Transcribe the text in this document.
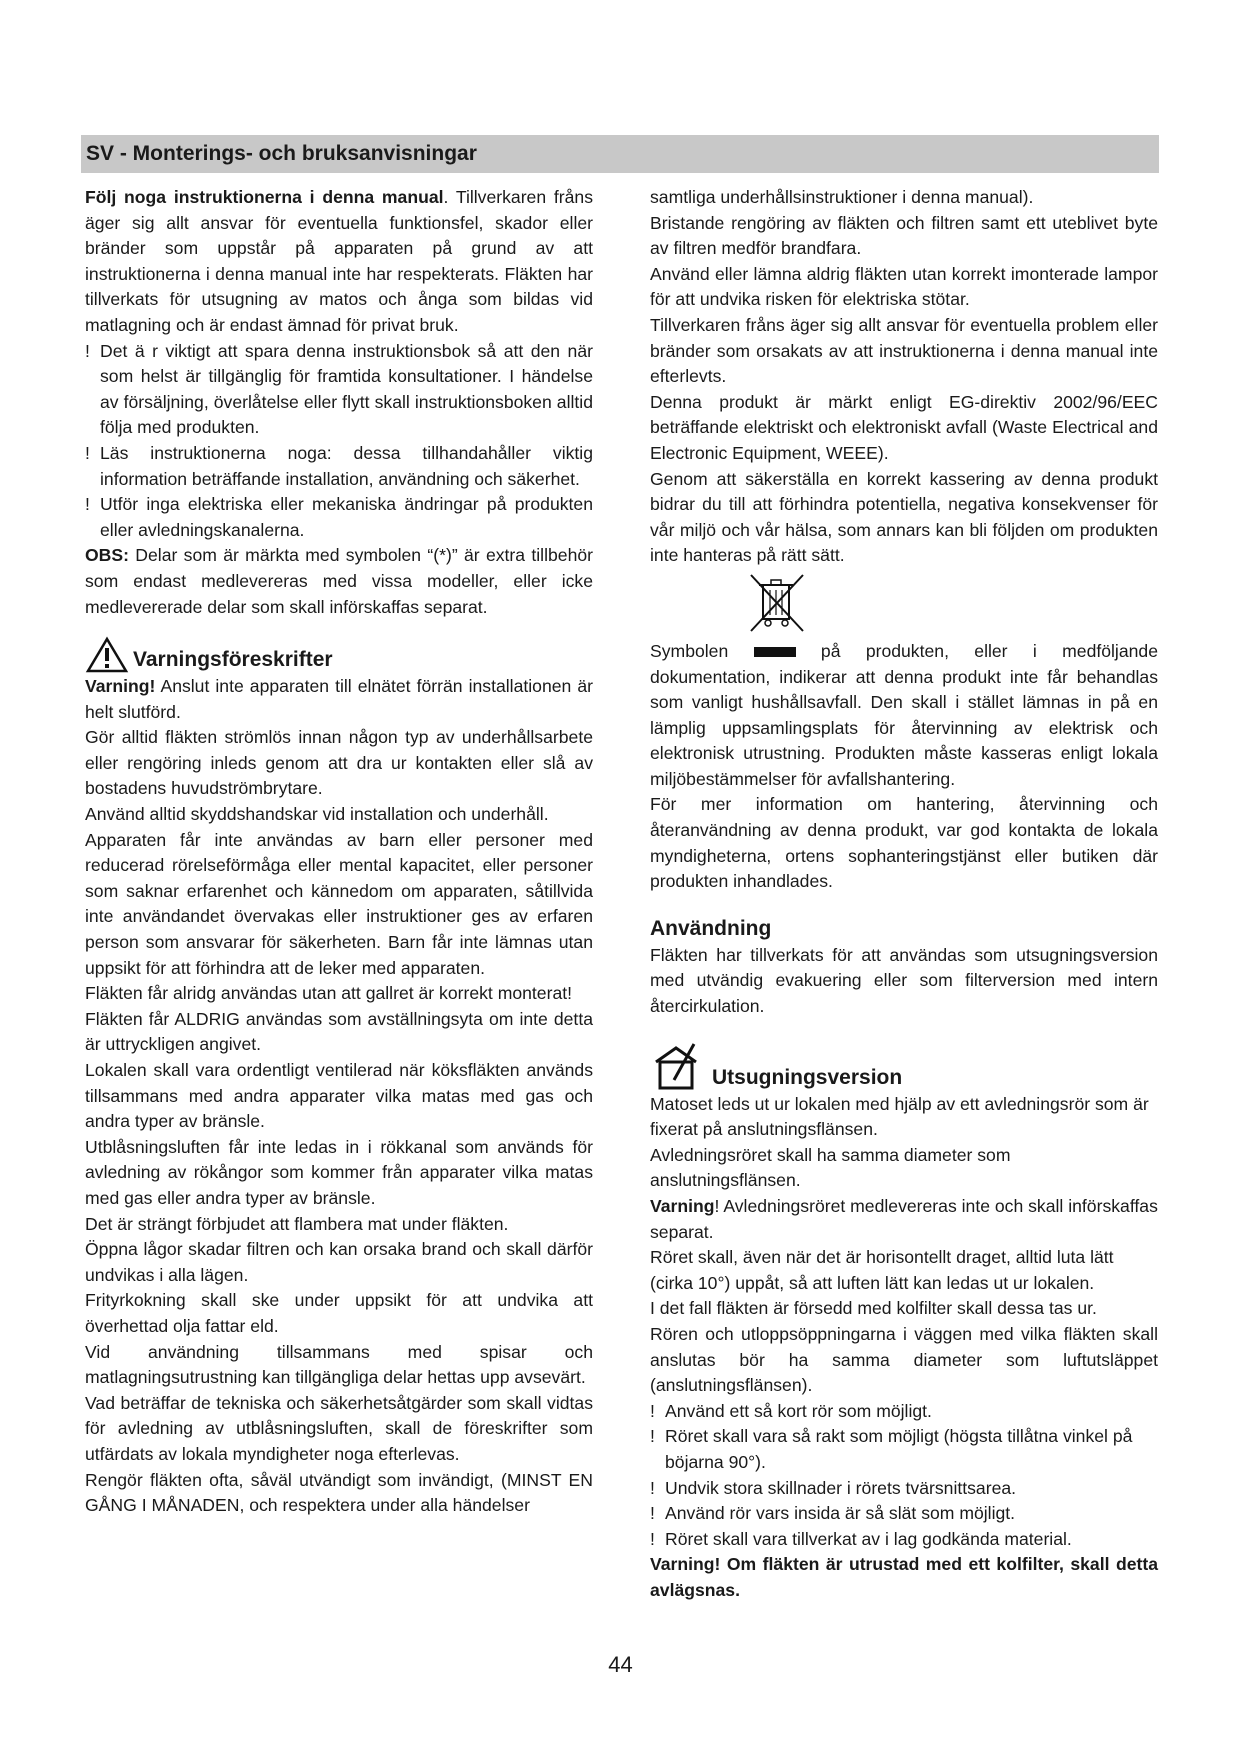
SV - Monterings- och bruksanvisningar

Följ noga instruktionerna i denna manual. Tillverkaren fråns äger sig allt ansvar för eventuella funktionsfel, skador eller bränder som uppstår på apparaten på grund av att instruktionerna i denna manual inte har respekterats. Fläkten har tillverkats för utsugning av matos och ånga som bildas vid matlagning och är endast ämnad för privat bruk.

! Det ä r viktigt att spara denna instruktionsbok så att den när som helst är tillgänglig för framtida konsultationer. I händelse av försäljning, överlåtelse eller flytt skall instruktionsboken alltid följa med produkten.
! Läs instruktionerna noga: dessa tillhandahåller viktig information beträffande installation, användning och säkerhet.
! Utför inga elektriska eller mekaniska ändringar på produkten eller avledningskanalerna.

OBS: Delar som är märkta med symbolen “(*)” är extra tillbehör som endast medlevereras med vissa modeller, eller icke medlevererade delar som skall införskaffas separat.

Varningsföreskrifter

Varning! Anslut inte apparaten till elnätet förrän installationen är helt slutförd.

Gör alltid fläkten strömlös innan någon typ av underhållsarbete eller rengöring inleds genom att dra ur kontakten eller slå av bostadens huvudströmbrytare.

Använd alltid skyddshandskar vid installation och underhåll.

Apparaten får inte användas av barn eller personer med reducerad rörelseförmåga eller mental kapacitet, eller personer som saknar erfarenhet och kännedom om apparaten, såtillvida inte användandet övervakas eller instruktioner ges av erfaren person som ansvarar för säkerheten. Barn får inte lämnas utan uppsikt för att förhindra att de leker med apparaten.

Fläkten får alridg användas utan att gallret är korrekt monterat!

Fläkten får ALDRIG användas som avställningsyta om inte detta är uttryckligen angivet.

Lokalen skall vara ordentligt ventilerad när köksfläkten används tillsammans med andra apparater vilka matas med gas och andra typer av bränsle.

Utblåsningsluften får inte ledas in i rökkanal som används för avledning av rökångor som kommer från apparater vilka matas med gas eller andra typer av bränsle.

Det är strängt förbjudet att flambera mat under fläkten.

Öppna lågor skadar filtren och kan orsaka brand och skall därför undvikas i alla lägen.

Frityrkokning skall ske under uppsikt för att undvika att överhettad olja fattar eld.

Vid användning tillsammans med spisar och matlagningsutrustning kan tillgängliga delar hettas upp avsevärt.

Vad beträffar de tekniska och säkerhetsåtgärder som skall vidtas för avledning av utblåsningsluften, skall de föreskrifter som utfärdats av lokala myndigheter noga efterlevas.

Rengör fläkten ofta, såväl utvändigt som invändigt, (MINST EN GÅNG I MÅNADEN, och respektera under alla händelser

samtliga underhållsinstruktioner i denna manual).

Bristande rengöring av fläkten och filtren samt ett uteblivet byte av filtren medför brandfara.

Använd eller lämna aldrig fläkten utan korrekt imonterade lampor för att undvika risken för elektriska stötar.

Tillverkaren fråns äger sig allt ansvar för eventuella problem eller bränder som orsakats av att instruktionerna i denna manual inte efterlevts.

Denna produkt är märkt enligt EG-direktiv 2002/96/EEC beträffande elektriskt och elektroniskt avfall (Waste Electrical and Electronic Equipment, WEEE).

Genom att säkerställa en korrekt kassering av denna produkt bidrar du till att förhindra potentiella, negativa konsekvenser för vår miljö och vår hälsa, som annars kan bli följden om produkten inte hanteras på rätt sätt.

Symbolen	på produkten, eller i medföljande

dokumentation, indikerar att denna produkt inte får behandlas som vanligt hushållsavfall. Den skall i stället lämnas in på en lämplig uppsamlingsplats för återvinning av elektrisk och elektronisk utrustning. Produkten måste kasseras enligt lokala miljöbestämmelser för avfallshantering.

För mer information om hantering, återvinning och återanvändning av denna produkt, var god kontakta de lokala myndigheterna, ortens sophanteringstjänst eller butiken där produkten inhandlades.

Användning

Fläkten har tillverkats för att användas som utsugningsversion med utvändig evakuering eller som filterversion med intern återcirkulation.

Utsugningsversion

Matoset leds ut ur lokalen med hjälp av ett avledningsrör som är fixerat på anslutningsflänsen.

Avledningsröret skall ha samma diameter som anslutningsflänsen.

Varning! Avledningsröret medlevereras inte och skall införskaffas separat.

Röret skall, även när det är horisontellt draget, alltid luta lätt (cirka 10°) uppåt, så att luften lätt kan ledas ut ur lokalen.

I det fall fläkten är försedd med kolfilter skall dessa tas ur.

Rören och utloppsöppningarna i väggen med vilka fläkten skall anslutas bör ha samma diameter som luftutsläppet (anslutningsflänsen).

! Använd ett så kort rör som möjligt.
! Röret skall vara så rakt som möjligt (högsta tillåtna vinkel på böjarna 90°).
! Undvik stora skillnader i rörets tvärsnittsarea.
! Använd rör vars insida är så slät som möjligt.
! Röret skall vara tillverkat av i lag godkända material.

Varning! Om fläkten är utrustad med ett kolfilter, skall detta avlägsnas.

44
